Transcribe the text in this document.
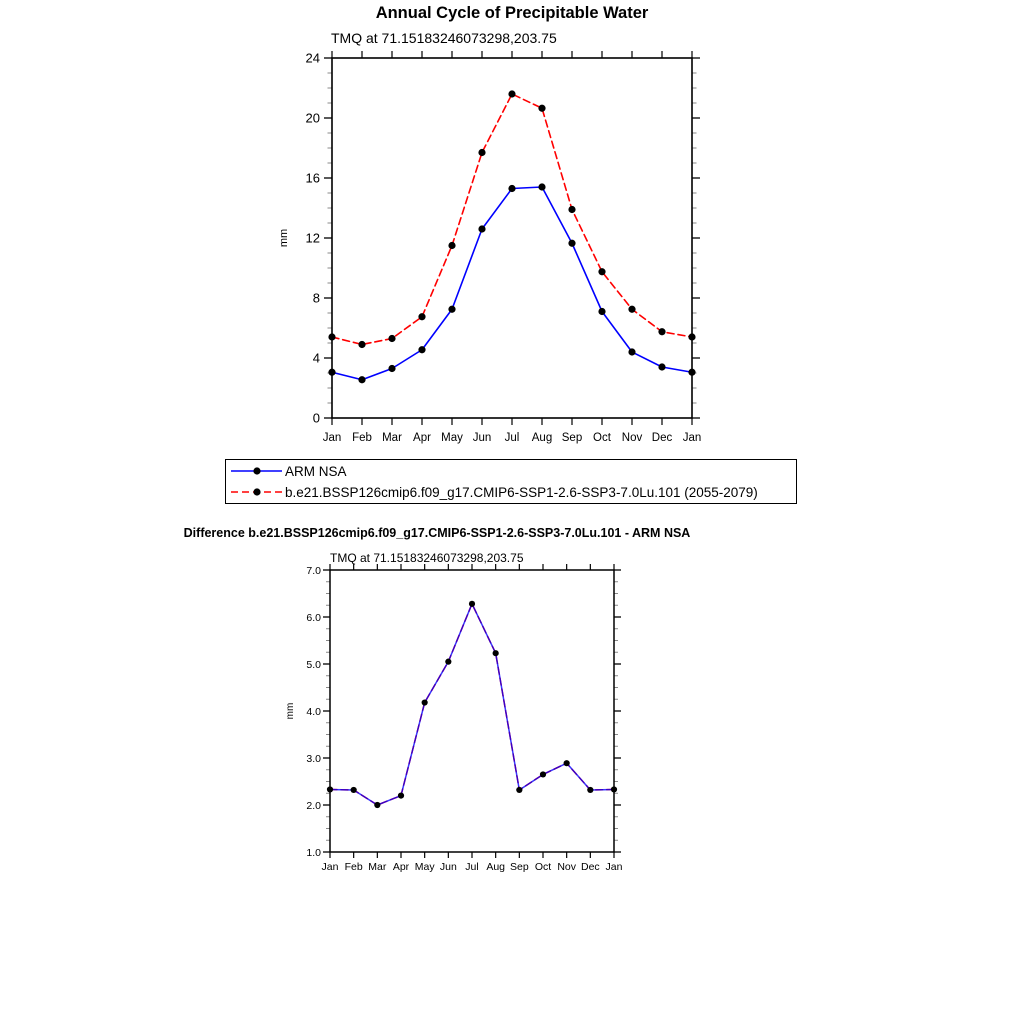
Annual Cycle of Precipitable Water
TMQ at 71.15183246073298,203.75
0
4
8
12
16
20
24
Jan Feb Mar Apr May Jun Jul Aug Sep Oct Nov Dec Jan
mm
1.0
2.0
3.0
4.0
5.0
6.0
7.0
Jan Feb Mar Apr May Jun Jul Aug Sep Oct Nov Dec Jan
mm
ARM NSA
b.e21.BSSP126cmip6.f09_g17.CMIP6-SSP1-2.6-SSP3-7.0Lu.101 (2055-2079)
Difference b.e21.BSSP126cmip6.f09_g17.CMIP6-SSP1-2.6-SSP3-7.0Lu.101 - ARM NSA
TMQ at 71.15183246073298,203.75
